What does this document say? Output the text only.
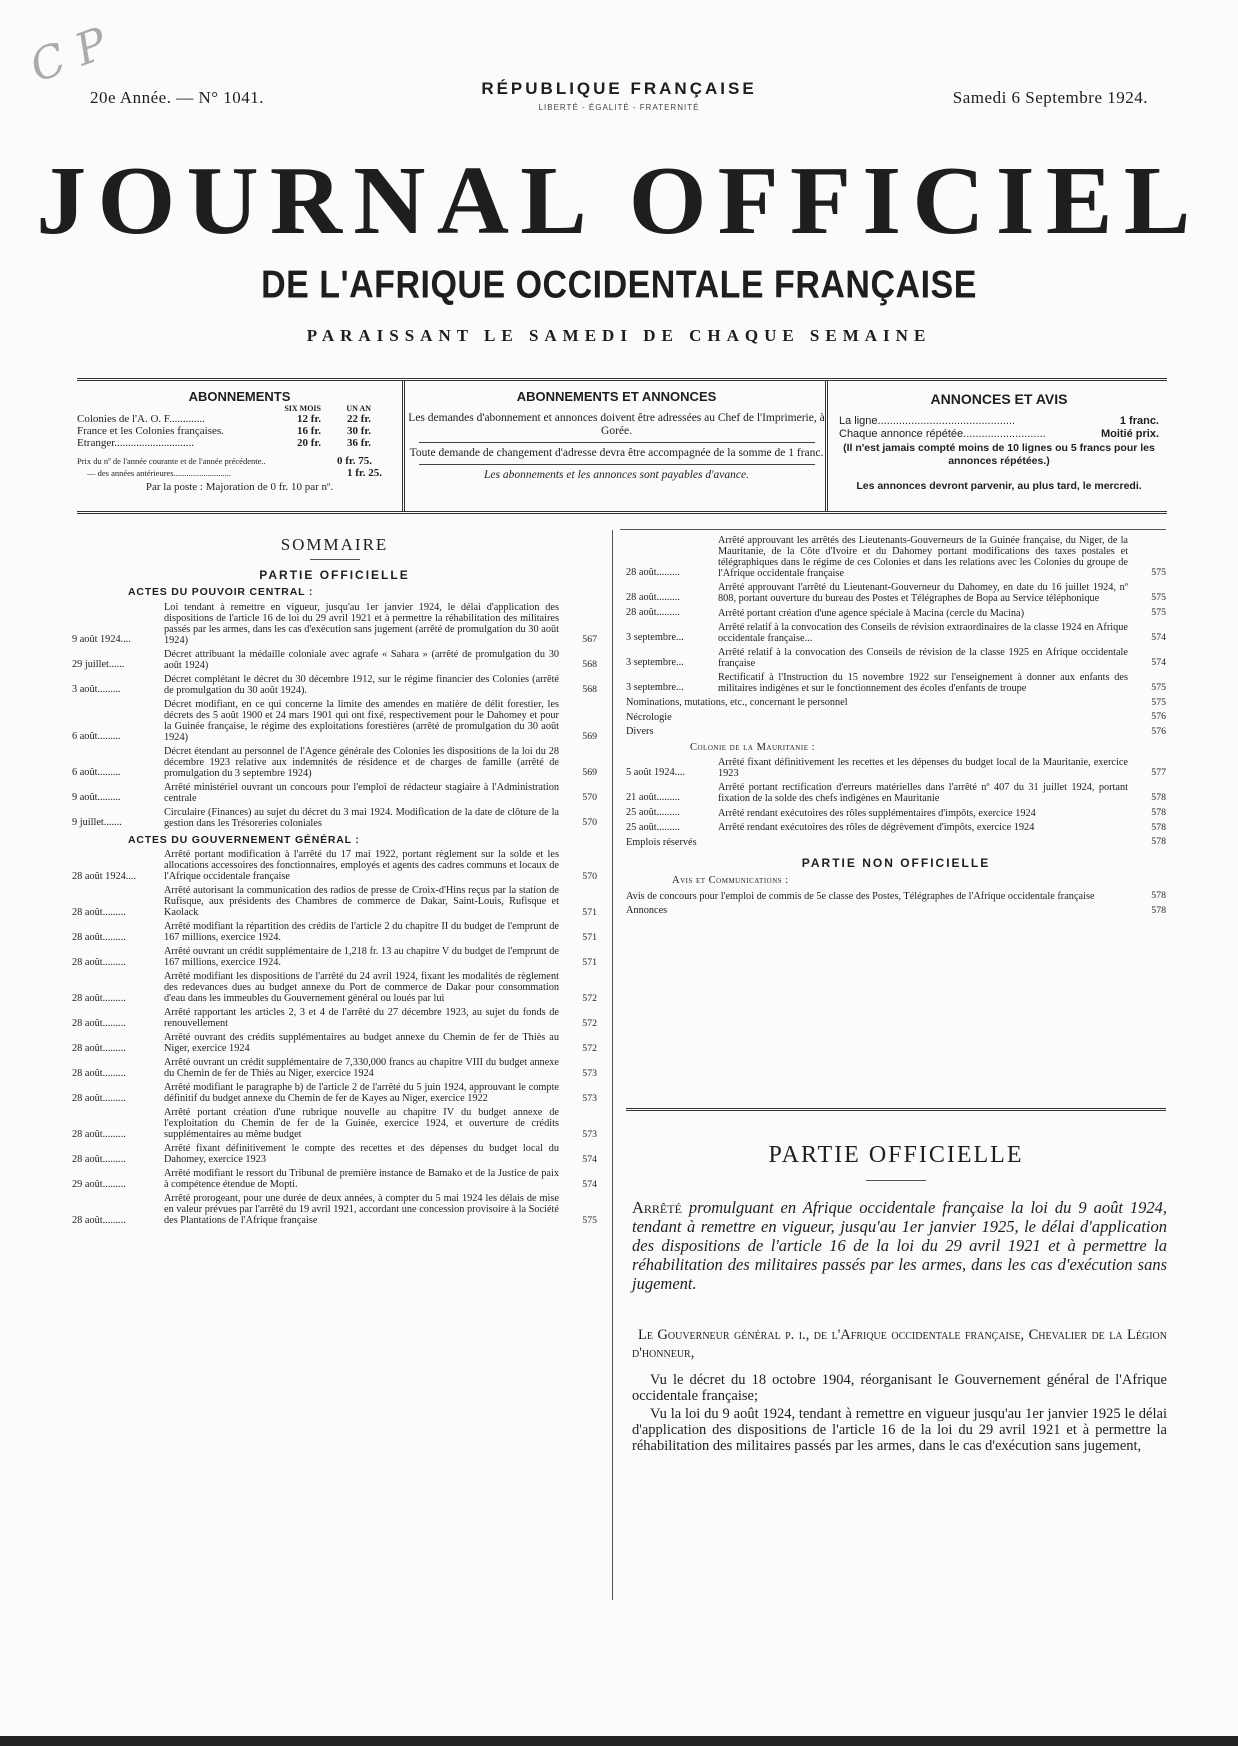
C P
20e Année. — N° 1041.	RÉPUBLIQUE FRANÇAISE
LIBERTÉ - ÉGALITÉ - FRATERNITÉ
Samedi 6 Septembre 1924.
JOURNAL OFFICIEL
DE L'AFRIQUE OCCIDENTALE FRANÇAISE
PARAISSANT LE SAMEDI DE CHAQUE SEMAINE
ABONNEMENTS
SIX MOIS	UN AN
Colonies de l'A. O. F.............	12 fr.	22 fr.
France et les Colonies françaises.	16 fr.	30 fr.
Etranger.............................	20 fr.	36 fr.
Prix du nº de l'année courante et de l'année précédente..	0 fr. 75.
— des années antérieures...........................	1 fr. 25.
Par la poste : Majoration de 0 fr. 10 par nº.
ABONNEMENTS ET ANNONCES
Les demandes d'abonnement et annonces doivent être adressées au Chef de l'Imprimerie, à Gorée.
Toute demande de changement d'adresse devra être accompagnée de la somme de 1 franc.
Les abonnements et les annonces sont payables d'avance.
ANNONCES ET AVIS
La ligne.............................................	1 franc.
Chaque annonce répétée...........................	Moitié prix.
(Il n'est jamais compté moins de 10 lignes ou 5 francs pour les annonces répétées.)
Les annonces devront parvenir, au plus tard, le mercredi.
SOMMAIRE
PARTIE OFFICIELLE
ACTES DU POUVOIR CENTRAL :
9 août 1924....
Loi tendant à remettre en vigueur, jusqu'au 1er janvier 1924, le délai d'application des dispositions de l'article 16 de loi du 29 avril 1921 et à permettre la réhabilitation des militaires passés par les armes, dans les cas d'exécution sans jugement (arrêté de promulgation du 30 août 1924)	567
29 juillet......
Décret attribuant la médaille coloniale avec agrafe « Sahara » (arrêté de promulgation du 30 août 1924)	568
3 août.........
Décret complétant le décret du 30 décembre 1912, sur le régime financier des Colonies (arrêté de promulgation du 30 août 1924).	568
6 août.........
Décret modifiant, en ce qui concerne la limite des amendes en matière de délit forestier, les décrets des 5 août 1900 et 24 mars 1901 qui ont fixé, respectivement pour le Dahomey et pour la Guinée française, le régime des exploitations forestières (arrêté de promulgation du 30 août 1924)	569
6 août.........
Décret étendant au personnel de l'Agence générale des Colonies les dispositions de la loi du 28 décembre 1923 relative aux indemnités de résidence et de charges de famille (arrêté de promulgation du 3 septembre 1924)	569
9 août.........
Arrêté ministériel ouvrant un concours pour l'emploi de rédacteur stagiaire à l'Administration centrale	570
9 juillet.......
Circulaire (Finances) au sujet du décret du 3 mai 1924. Modification de la date de clôture de la gestion dans les Trésoreries coloniales	570
ACTES DU GOUVERNEMENT GÉNÉRAL :
28 août 1924....
Arrêté portant modification à l'arrêté du 17 mai 1922, portant règlement sur la solde et les allocations accessoires des fonctionnaires, employés et agents des cadres communs et locaux de l'Afrique occidentale française	570
28 août.........
Arrêté autorisant la communication des radios de presse de Croix-d'Hins reçus par la station de Rufisque, aux présidents des Chambres de commerce de Dakar, Saint-Louis, Rufisque et Kaolack	571
28 août.........
Arrêté modifiant la répartition des crédits de l'article 2 du chapitre II du budget de l'emprunt de 167 millions, exercice 1924.	571
28 août.........
Arrêté ouvrant un crédit supplémentaire de 1,218 fr. 13 au chapitre V du budget de l'emprunt de 167 millions, exercice 1924.	571
28 août.........
Arrêté modifiant les dispositions de l'arrêté du 24 avril 1924, fixant les modalités de règlement des redevances dues au budget annexe du Port de commerce de Dakar pour consommation d'eau dans les immeubles du Gouvernement général ou loués par lui	572
28 août.........
Arrêté rapportant les articles 2, 3 et 4 de l'arrêté du 27 décembre 1923, au sujet du fonds de renouvellement	572
28 août.........
Arrêté ouvrant des crédits supplémentaires au budget annexe du Chemin de fer de Thiès au Niger, exercice 1924	572
28 août.........
Arrêté ouvrant un crédit supplémentaire de 7,330,000 francs au chapitre VIII du budget annexe du Chemin de fer de Thiès au Niger, exercice 1924	573
28 août.........
Arrêté modifiant le paragraphe b) de l'article 2 de l'arrêté du 5 juin 1924, approuvant le compte définitif du budget annexe du Chemin de fer de Kayes au Niger, exercice 1922	573
28 août.........
Arrêté portant création d'une rubrique nouvelle au chapitre IV du budget annexe de l'exploitation du Chemin de fer de la Guinée, exercice 1924, et ouverture de crédits supplémentaires au même budget	573
28 août.........
Arrêté fixant définitivement le compte des recettes et des dépenses du budget local du Dahomey, exercice 1923	574
29 août.........
Arrêté modifiant le ressort du Tribunal de première instance de Bamako et de la Justice de paix à compétence étendue de Mopti.	574
28 août.........
Arrêté prorogeant, pour une durée de deux années, à compter du 5 mai 1924 les délais de mise en valeur prévues par l'arrêté du 19 avril 1921, accordant une concession provisoire à la Société des Plantations de l'Afrique française	575
28 août.........
Arrêté approuvant les arrêtés des Lieutenants-Gouverneurs de la Guinée française, du Niger, de la Mauritanie, de la Côte d'Ivoire et du Dahomey portant modifications des taxes postales et télégraphiques dans le régime de ces Colonies et dans les relations avec les Colonies du groupe de l'Afrique occidentale française	575
28 août.........
Arrêté approuvant l'arrêté du Lieutenant-Gouverneur du Dahomey, en date du 16 juillet 1924, nº 808, portant ouverture du bureau des Postes et Télégraphes de Bopa au Service téléphonique	575
28 août.........	Arrêté portant création d'une agence spéciale à Macina (cercle du Macina)	575
3 septembre...
Arrêté relatif à la convocation des Conseils de révision extraordinaires de la classe 1924 en Afrique occidentale française...	574
3 septembre...
Arrêté relatif à la convocation des Conseils de révision de la classe 1925 en Afrique occidentale française	574
3 septembre...
Rectificatif à l'Instruction du 15 novembre 1922 sur l'enseignement à donner aux enfants des militaires indigènes et sur le fonctionnement des écoles d'enfants de troupe	575
Nominations, mutations, etc., concernant le personnel	575
Nécrologie	576
Divers	576
Colonie de la Mauritanie :
5 août 1924....
Arrêté fixant définitivement les recettes et les dépenses du budget local de la Mauritanie, exercice 1923	577
21 août.........
Arrêté portant rectification d'erreurs matérielles dans l'arrêté nº 407 du 31 juillet 1924, portant fixation de la solde des chefs indigènes en Mauritanie	578
25 août.........	Arrêté rendant exécutoires des rôles supplémentaires d'impôts, exercice 1924	578
25 août.........	Arrêté rendant exécutoires des rôles de dégrèvement d'impôts, exercice 1924	578
Emplois réservés	578
PARTIE NON OFFICIELLE
Avis et Communications :
Avis de concours pour l'emploi de commis de 5e classe des Postes, Télégraphes de l'Afrique occidentale française	578
Annonces	578
PARTIE OFFICIELLE
Arrêté promulguant en Afrique occidentale française la loi du 9 août 1924, tendant à remettre en vigueur, jusqu'au 1er janvier 1925, le délai d'application des dispositions de l'article 16 de la loi du 29 avril 1921 et à permettre la réhabilitation des militaires passés par les armes, dans les cas d'exécution sans jugement.
Le Gouverneur général p. i., de l'Afrique occidentale française, Chevalier de la Légion d'honneur,
Vu le décret du 18 octobre 1904, réorganisant le Gouvernement général de l'Afrique occidentale française;
Vu la loi du 9 août 1924, tendant à remettre en vigueur jusqu'au 1er janvier 1925 le délai d'application des dispositions de l'article 16 de la loi du 29 avril 1921 et à permettre la réhabilitation des militaires passés par les armes, dans le cas d'exécution sans jugement,
